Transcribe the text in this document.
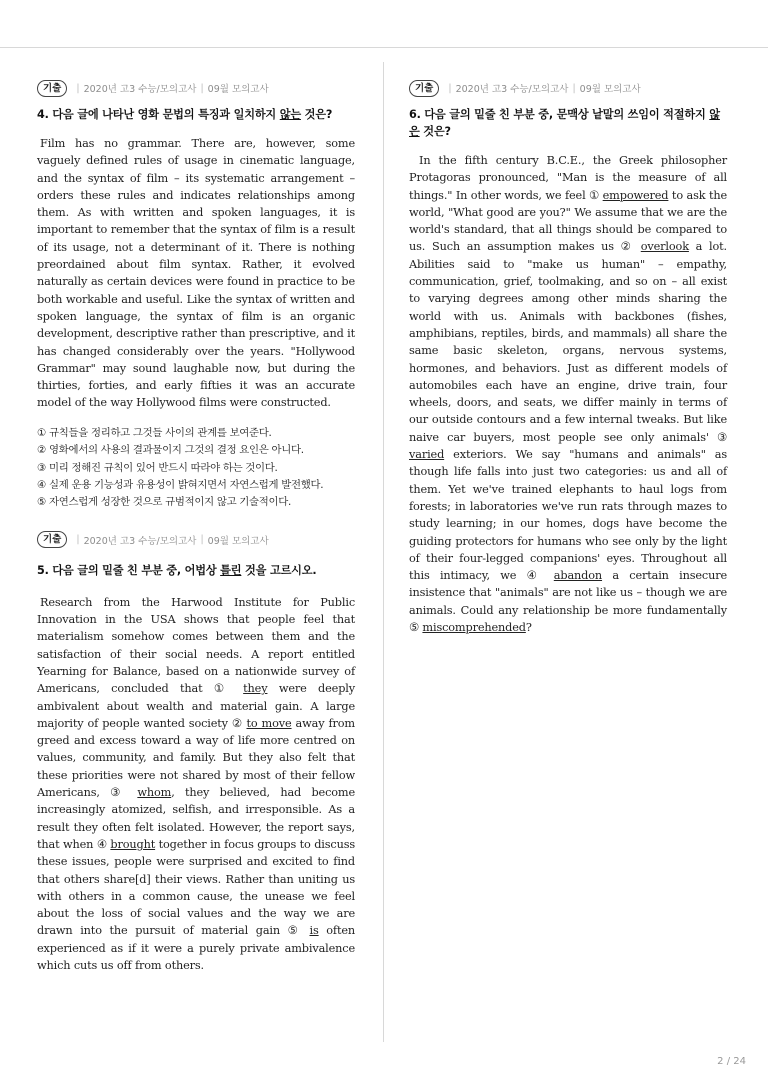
기출	| 2020년 고3 수능/모의고사 | 09월 모의고사
4. 다음 글에 나타난 영화 문법의 특징과 일치하지 않는 것은?

Film has no grammar. There are, however, some vaguely defined rules of usage in cinematic language, and the syntax of film – its systematic arrangement – orders these rules and indicates relationships among them. As with written and spoken languages, it is important to remember that the syntax of film is a result of its usage, not a determinant of it. There is nothing preordained about film syntax. Rather, it evolved naturally as certain devices were found in practice to be both workable and useful. Like the syntax of written and spoken language, the syntax of film is an organic development, descriptive rather than prescriptive, and it has changed considerably over the years. "Hollywood Grammar" may sound laughable now, but during the thirties, forties, and early fifties it was an accurate model of the way Hollywood films were constructed.

① 규칙들을 정리하고 그것들 사이의 관계를 보여준다.
② 영화에서의 사용의 결과물이지 그것의 결정 요인은 아니다.
③ 미리 정해진 규칙이 있어 반드시 따라야 하는 것이다.
④ 실제 운용 기능성과 유용성이 밝혀지면서 자연스럽게 발전했다.
⑤ 자연스럽게 성장한 것으로 규범적이지 않고 기술적이다.
기출	| 2020년 고3 수능/모의고사 | 09월 모의고사
5. 다음 글의 밑줄 친 부분 중, 어법상 틀린 것을 고르시오.

Research from the Harwood Institute for Public Innovation in the USA shows that people feel that materialism somehow comes between them and the satisfaction of their social needs. A report entitled Yearning for Balance, based on a nationwide survey of Americans, concluded that ① they were deeply ambivalent about wealth and material gain. A large majority of people wanted society ② to move away from greed and excess toward a way of life more centred on values, community, and family. But they also felt that these priorities were not shared by most of their fellow Americans, ③ whom, they believed, had become increasingly atomized, selfish, and irresponsible. As a result they often felt isolated. However, the report says, that when ④ brought together in focus groups to discuss these issues, people were surprised and excited to find that others share[d] their views. Rather than uniting us with others in a common cause, the unease we feel about the loss of social values and the way we are drawn into the pursuit of material gain ⑤ is often experienced as if it were a purely private ambivalence which cuts us off from others.

기출	| 2020년 고3 수능/모의고사 | 09월 모의고사
6. 다음 글의 밑줄 친 부분 중, 문맥상 낱말의 쓰임이 적절하지 않은 것은?

In the fifth century B.C.E., the Greek philosopher Protagoras pronounced, "Man is the measure of all things." In other words, we feel ① empowered to ask the world, "What good are you?" We assume that we are the world's standard, that all things should be compared to us. Such an assumption makes us ② overlook a lot. Abilities said to "make us human" – empathy, communication, grief, toolmaking, and so on – all exist to varying degrees among other minds sharing the world with us. Animals with backbones (fishes, amphibians, reptiles, birds, and mammals) all share the same basic skeleton, organs, nervous systems, hormones, and behaviors. Just as different models of automobiles each have an engine, drive train, four wheels, doors, and seats, we differ mainly in terms of our outside contours and a few internal tweaks. But like naive car buyers, most people see only animals' ③ varied exteriors. We say "humans and animals" as though life falls into just two categories: us and all of them. Yet we've trained elephants to haul logs from forests; in laboratories we've run rats through mazes to study learning; in our homes, dogs have become the guiding protectors for humans who see only by the light of their four-legged companions' eyes. Throughout all this intimacy, we ④ abandon a certain insecure insistence that "animals" are not like us – though we are animals. Could any relationship be more fundamentally ⑤ miscomprehended?

2 / 24
